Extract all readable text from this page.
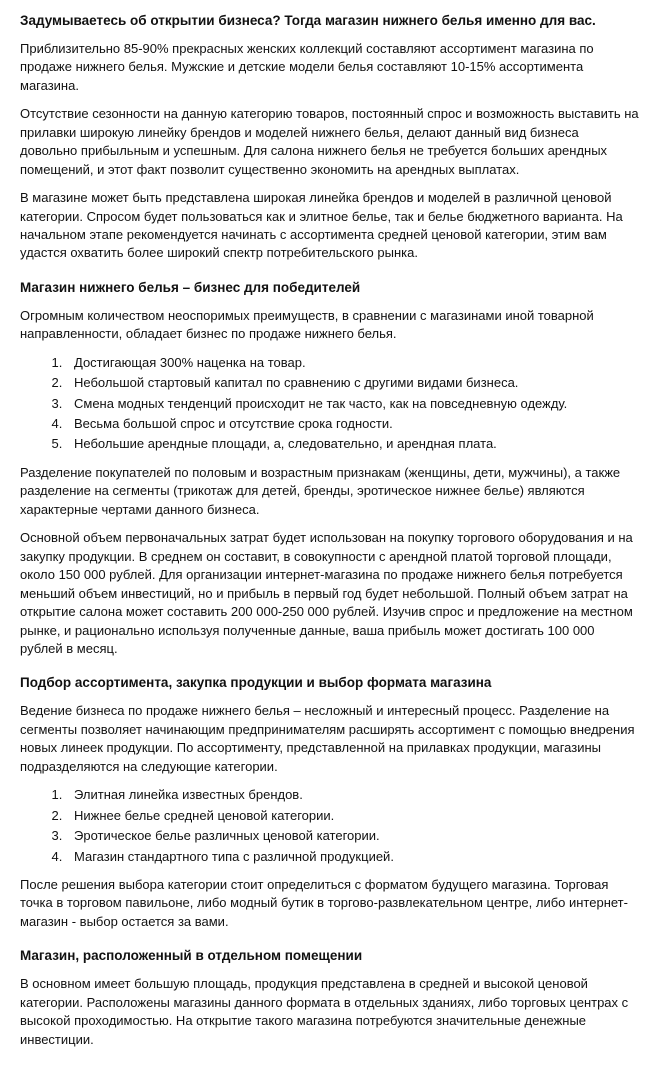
Задумываетесь об открытии бизнеса? Тогда магазин нижнего белья именно для вас.

Приблизительно 85-90% прекрасных женских коллекций составляют ассортимент магазина по продаже нижнего белья. Мужские и детские модели белья составляют 10-15% ассортимента магазина.

Отсутствие сезонности на данную категорию товаров, постоянный спрос и возможность выставить на прилавки широкую линейку брендов и моделей нижнего белья, делают данный вид бизнеса довольно прибыльным и успешным. Для салона нижнего белья не требуется больших арендных помещений, и этот факт позволит существенно экономить на арендных выплатах.

В магазине может быть представлена широкая линейка брендов и моделей в различной ценовой категории. Спросом будет пользоваться как и элитное белье, так и белье бюджетного варианта. На начальном этапе рекомендуется начинать с ассортимента средней ценовой категории, этим вам удастся охватить более широкий спектр потребительского рынка.

Магазин нижнего белья – бизнес для победителей

Огромным количеством неоспоримых преимуществ, в сравнении с магазинами иной товарной направленности, обладает бизнес по продаже нижнего белья.

1. Достигающая 300% наценка на товар.
2. Небольшой стартовый капитал по сравнению с другими видами бизнеса.
3. Смена модных тенденций происходит не так часто, как на повседневную одежду.
4. Весьма большой спрос и отсутствие срока годности.
5. Небольшие арендные площади, а, следовательно, и арендная плата.

Разделение покупателей по половым и возрастным признакам (женщины, дети, мужчины), а также разделение на сегменты (трикотаж для детей, бренды, эротическое нижнее белье) являются характерные чертами данного бизнеса.

Основной объем первоначальных затрат будет использован на покупку торгового оборудования и на закупку продукции. В среднем он составит, в совокупности с арендной платой торговой площади, около 150 000 рублей. Для организации интернет-магазина по продаже нижнего белья потребуется меньший объем инвестиций, но и прибыль в первый год будет небольшой. Полный объем затрат на открытие салона может составить 200 000-250 000 рублей. Изучив спрос и предложение на местном рынке, и рационально используя полученные данные, ваша прибыль может достигать 100 000 рублей в месяц.

Подбор ассортимента, закупка продукции и выбор формата магазина

Ведение бизнеса по продаже нижнего белья – несложный и интересный процесс. Разделение на сегменты позволяет начинающим предпринимателям расширять ассортимент с помощью внедрения новых линеек продукции. По ассортименту, представленной на прилавках продукции, магазины подразделяются на следующие категории.

1. Элитная линейка известных брендов.
2. Нижнее белье средней ценовой категории.
3. Эротическое белье различных ценовой категории.
4. Магазин стандартного типа с различной продукцией.

После решения выбора категории стоит определиться с форматом будущего магазина. Торговая точка в торговом павильоне, либо модный бутик в торгово-развлекательном центре, либо интернет-магазин - выбор остается за вами.

Магазин, расположенный в отдельном помещении

В основном имеет большую площадь, продукция представлена в средней и высокой ценовой категории. Расположены магазины данного формата в отдельных зданиях, либо торговых центрах с высокой проходимостью. На открытие такого магазина потребуются значительные денежные инвестиции.
